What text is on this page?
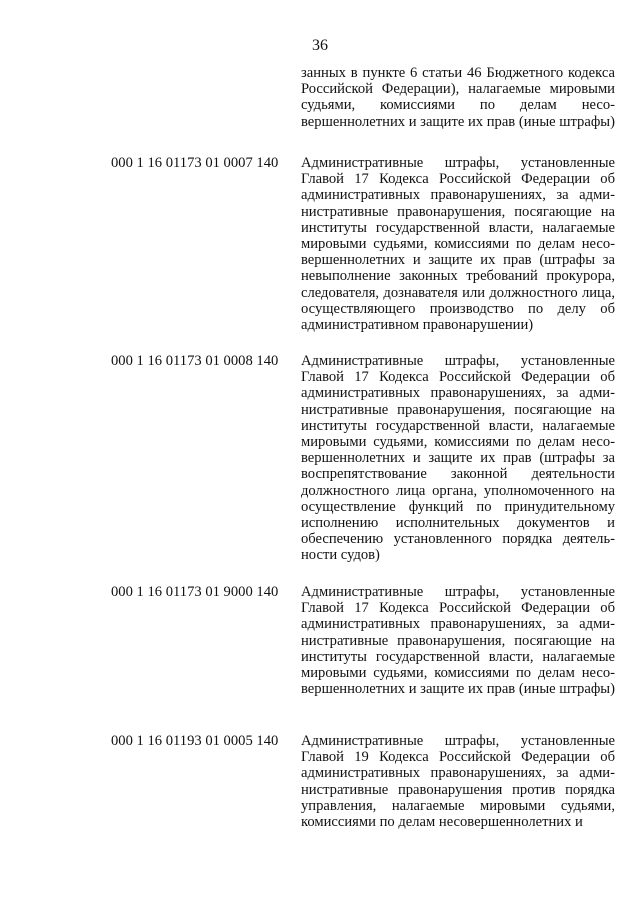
36
занных в пункте 6 статьи 46 Бюджетного кодекса Российской Федерации), налагаемые мировыми судьями, комиссиями по делам несовершеннолетних и защите их прав (иные штрафы)
000 1 16 01173 01 0007 140 Административные штрафы, установленные Главой 17 Кодекса Российской Федерации об административных правонарушениях, за административные правонарушения, посягающие на институты государственной власти, налагаемые мировыми судьями, комиссиями по делам несовершеннолетних и защите их прав (штрафы за невыполнение законных требований прокурора, следователя, дознавателя или должностного лица, осуществляющего производство по делу об административном правонарушении)
000 1 16 01173 01 0008 140 Административные штрафы, установленные Главой 17 Кодекса Российской Федерации об административных правонарушениях, за административные правонарушения, посягающие на институты государственной власти, налагаемые мировыми судьями, комиссиями по делам несовершеннолетних и защите их прав (штрафы за воспрепятствование законной деятельности должностного лица органа, уполномоченного на осуществление функций по принудительному исполнению исполнительных документов и обеспечению установленного порядка деятельности судов)
000 1 16 01173 01 9000 140 Административные штрафы, установленные Главой 17 Кодекса Российской Федерации об административных правонарушениях, за административные правонарушения, посягающие на институты государственной власти, налагаемые мировыми судьями, комиссиями по делам несовершеннолетних и защите их прав (иные штрафы)
000 1 16 01193 01 0005 140 Административные штрафы, установленные Главой 19 Кодекса Российской Федерации об административных правонарушениях, за административные правонарушения против порядка управления, налагаемые мировыми судьями, комиссиями по делам несовершеннолетних и
